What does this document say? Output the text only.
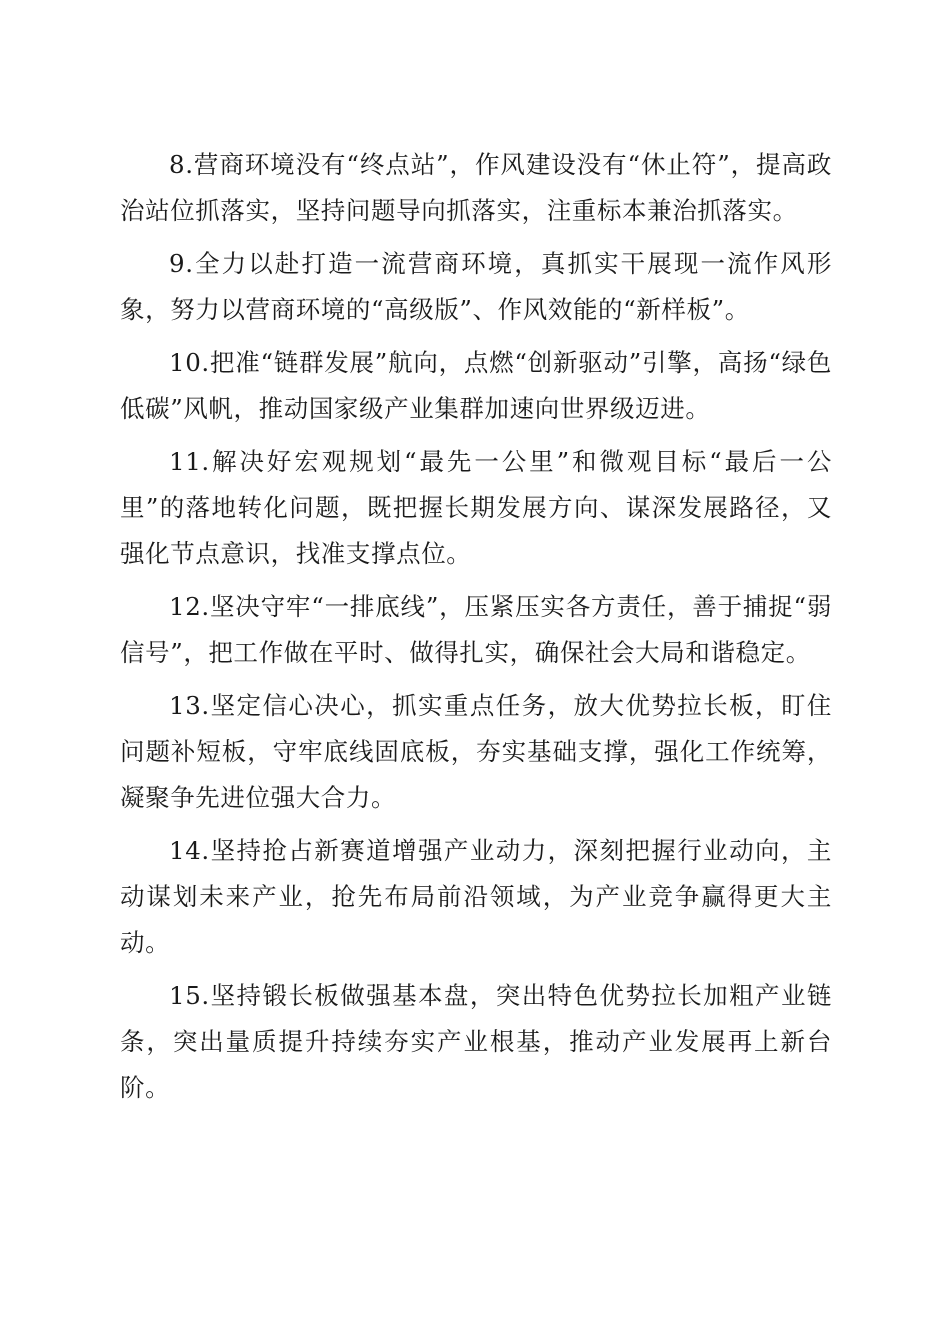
8.营商环境没有“终点站”，作风建设没有“休止符”，提高政治站位抓落实，坚持问题导向抓落实，注重标本兼治抓落实。

9.全力以赴打造一流营商环境，真抓实干展现一流作风形象，努力以营商环境的“高级版”、作风效能的“新样板”。

10.把准“链群发展”航向，点燃“创新驱动”引擎，高扬“绿色低碳”风帆，推动国家级产业集群加速向世界级迈进。

11.解决好宏观规划“最先一公里”和微观目标“最后一公里”的落地转化问题，既把握长期发展方向、谋深发展路径，又强化节点意识，找准支撑点位。

12.坚决守牢“一排底线”，压紧压实各方责任，善于捕捉“弱信号”，把工作做在平时、做得扎实，确保社会大局和谐稳定。

13.坚定信心决心，抓实重点任务，放大优势拉长板，盯住问题补短板，守牢底线固底板，夯实基础支撑，强化工作统筹，凝聚争先进位强大合力。

14.坚持抢占新赛道增强产业动力，深刻把握行业动向，主动谋划未来产业，抢先布局前沿领域，为产业竞争赢得更大主动。

15.坚持锻长板做强基本盘，突出特色优势拉长加粗产业链条，突出量质提升持续夯实产业根基，推动产业发展再上新台阶。
